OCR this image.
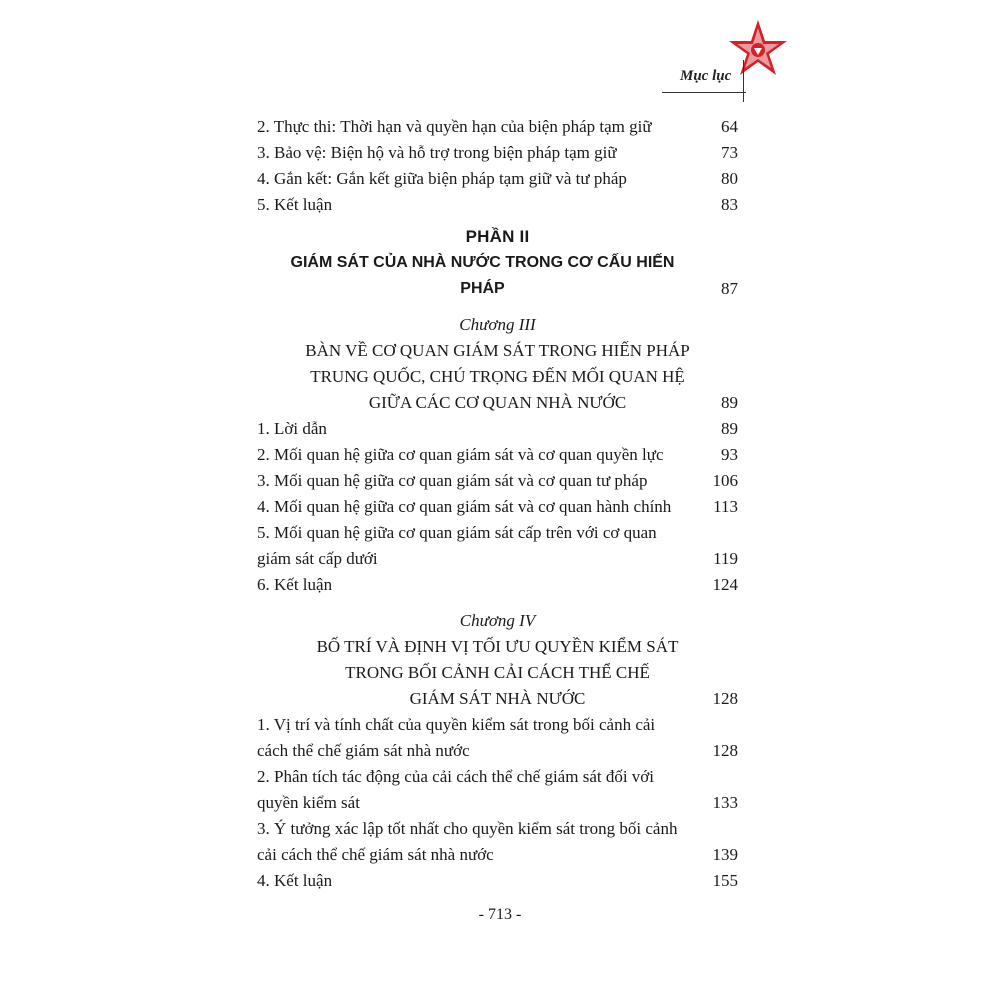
Mục lục
2. Thực thi: Thời hạn và quyền hạn của biện pháp tạm giữ	64
3. Bảo vệ: Biện hộ và hỗ trợ trong biện pháp tạm giữ	73
4. Gắn kết: Gắn kết giữa biện pháp tạm giữ và tư pháp	80
5. Kết luận	83
PHẦN II
GIÁM SÁT CỦA NHÀ NƯỚC TRONG CƠ CẤU HIẾN PHÁP	87
Chương III
BÀN VỀ CƠ QUAN GIÁM SÁT TRONG HIẾN PHÁP
TRUNG QUỐC, CHÚ TRỌNG ĐẾN MỐI QUAN HỆ
GIỮA CÁC CƠ QUAN NHÀ NƯỚC	89
1. Lời dẫn	89
2. Mối quan hệ giữa cơ quan giám sát và cơ quan quyền lực	93
3. Mối quan hệ giữa cơ quan giám sát và cơ quan tư pháp	106
4. Mối quan hệ giữa cơ quan giám sát và cơ quan hành chính	113
5. Mối quan hệ giữa cơ quan giám sát cấp trên với cơ quan giám sát cấp dưới	119
6. Kết luận	124
Chương IV
BỐ TRÍ VÀ ĐỊNH VỊ TỐI ƯU QUYỀN KIỂM SÁT
TRONG BỐI CẢNH CẢI CÁCH THỂ CHẾ
GIÁM SÁT NHÀ NƯỚC	128
1. Vị trí và tính chất của quyền kiểm sát trong bối cảnh cải cách thể chế giám sát nhà nước	128
2. Phân tích tác động của cải cách thể chế giám sát đối với quyền kiểm sát	133
3. Ý tưởng xác lập tốt nhất cho quyền kiểm sát trong bối cảnh cải cách thể chế giám sát nhà nước	139
4. Kết luận	155
- 713 -
